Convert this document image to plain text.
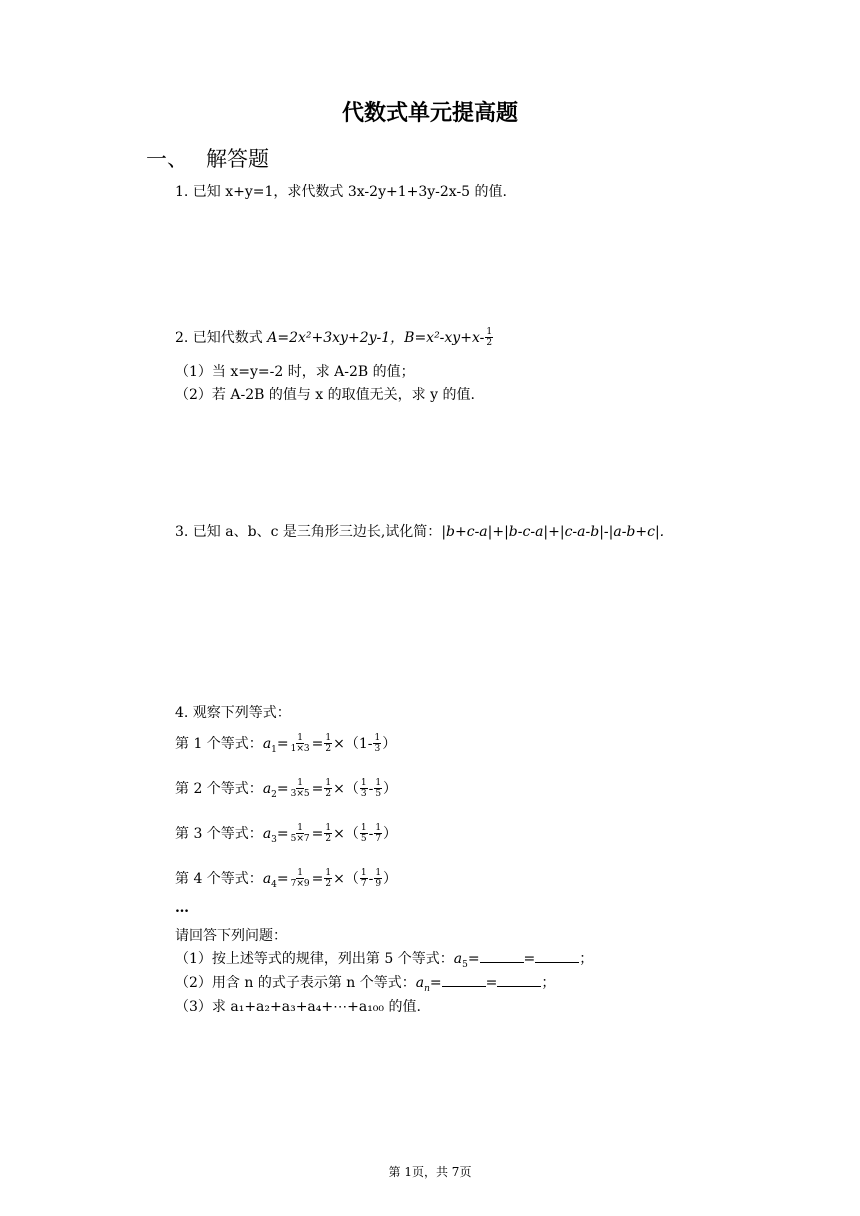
代数式单元提高题
一、 解答题
1. 已知 x+y=1，求代数式 3x-2y+1+3y-2x-5 的值.
2. 已知代数式 A=2x²+3xy+2y-1，$B=x^2-xy+x- \frac{1}{2}$
（1）当 x=y=-2 时，求 A-2B 的值；
（2）若 A-2B 的值与 x 的取值无关，求 y 的值.
3. 已知 a、b、c 是三角形三边长,试化简：|b+c-a|+|b-c-a|+|c-a-b|-|a-b+c|.
4. 观察下列等式：
第 1 个等式：$a_1= \frac{1}{1\times 3} = \frac{1}{2} \times(1- \frac{1}{3}$ ）
第 2 个等式：$a_2= \frac{1}{3\times 5} = \frac{1}{2}$ ×（ $\frac{1}{3} - \frac{1}{5}$ ）
第 3 个等式：$a_3= \frac{1}{5\times 7} = \frac{1}{2}$ ×（ $\frac{1}{5} - \frac{1}{7}$ ）
第 4 个等式：$a_4= \frac{1}{7\times 9} = \frac{1}{2}$ ×（ $\frac{1}{7} - \frac{1}{9}$ ）
…
请回答下列问题：
（1）按上述等式的规律，列出第 5 个等式：$a_5=$	=	；
（2）用含 n 的式子表示第 n 个等式：$a_n=$	=	；
（3）求 a₁+a₂+a₃+a₄+⋯+a₁₀₀ 的值.
第 1页，共 7页
